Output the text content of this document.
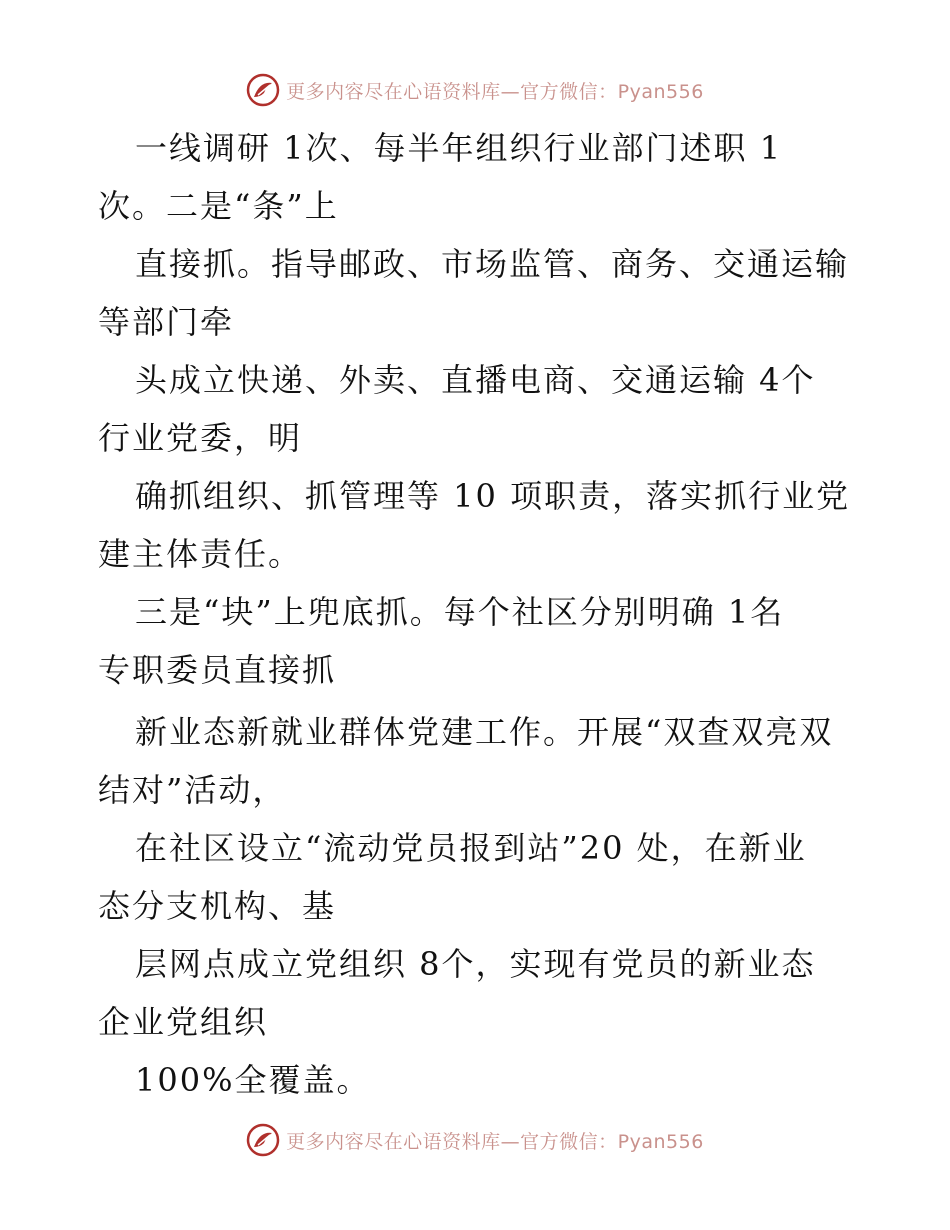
更多内容尽在心语资料库—官方微信：Pyan556
一线调研 1次、每半年组织行业部门述职 1
次。二是“条”上
直接抓。指导邮政、市场监管、商务、交通运输
等部门牵
头成立快递、外卖、直播电商、交通运输 4个
行业党委，明
确抓组织、抓管理等 10 项职责，落实抓行业党
建主体责任。
三是“块”上兜底抓。每个社区分别明确 1名
专职委员直接抓
新业态新就业群体党建工作。开展“双查双亮双
结对”活动，
在社区设立“流动党员报到站”20 处，在新业
态分支机构、基
层网点成立党组织 8个，实现有党员的新业态
企业党组织
100%全覆盖。
更多内容尽在心语资料库—官方微信：Pyan556
